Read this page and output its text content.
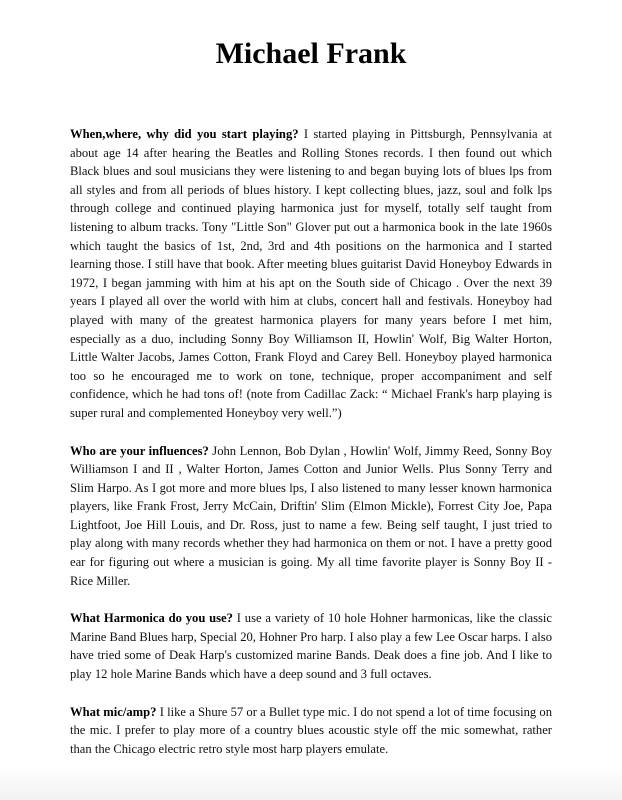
Michael Frank

When,where, why did you start playing? I started playing in Pittsburgh, Pennsylvania at about age 14 after hearing the Beatles and Rolling Stones records. I then found out which Black blues and soul musicians they were listening to and began buying lots of blues lps from all styles and from all periods of blues history. I kept collecting blues, jazz, soul and folk lps through college and continued playing harmonica just for myself, totally self taught from listening to album tracks. Tony "Little Son" Glover put out a harmonica book in the late 1960s which taught the basics of 1st, 2nd, 3rd and 4th positions on the harmonica and I started learning those. I still have that book. After meeting blues guitarist David Honeyboy Edwards in 1972, I began jamming with him at his apt on the South side of Chicago . Over the next 39 years I played all over the world with him at clubs, concert hall and festivals. Honeyboy had played with many of the greatest harmonica players for many years before I met him, especially as a duo, including Sonny Boy Williamson II, Howlin' Wolf, Big Walter Horton, Little Walter Jacobs, James Cotton, Frank Floyd and Carey Bell. Honeyboy played harmonica too so he encouraged me to work on tone, technique, proper accompaniment and self confidence, which he had tons of! (note from Cadillac Zack: “ Michael Frank's harp playing is super rural and complemented Honeyboy very well.”)

Who are your influences? John Lennon, Bob Dylan , Howlin' Wolf, Jimmy Reed, Sonny Boy Williamson I and II , Walter Horton, James Cotton and Junior Wells. Plus Sonny Terry and Slim Harpo. As I got more and more blues lps, I also listened to many lesser known harmonica players, like Frank Frost, Jerry McCain, Driftin' Slim (Elmon Mickle), Forrest City Joe, Papa Lightfoot, Joe Hill Louis, and Dr. Ross, just to name a few. Being self taught, I just tried to play along with many records whether they had harmonica on them or not. I have a pretty good ear for figuring out where a musician is going. My all time favorite player is Sonny Boy II - Rice Miller.

What Harmonica do you use? I use a variety of 10 hole Hohner harmonicas, like the classic Marine Band Blues harp, Special 20, Hohner Pro harp. I also play a few Lee Oscar harps. I also have tried some of Deak Harp's customized marine Bands. Deak does a fine job. And I like to play 12 hole Marine Bands which have a deep sound and 3 full octaves.

What mic/amp? I like a Shure 57 or a Bullet type mic. I do not spend a lot of time focusing on the mic. I prefer to play more of a country blues acoustic style off the mic somewhat, rather than the Chicago electric retro style most harp players emulate.
